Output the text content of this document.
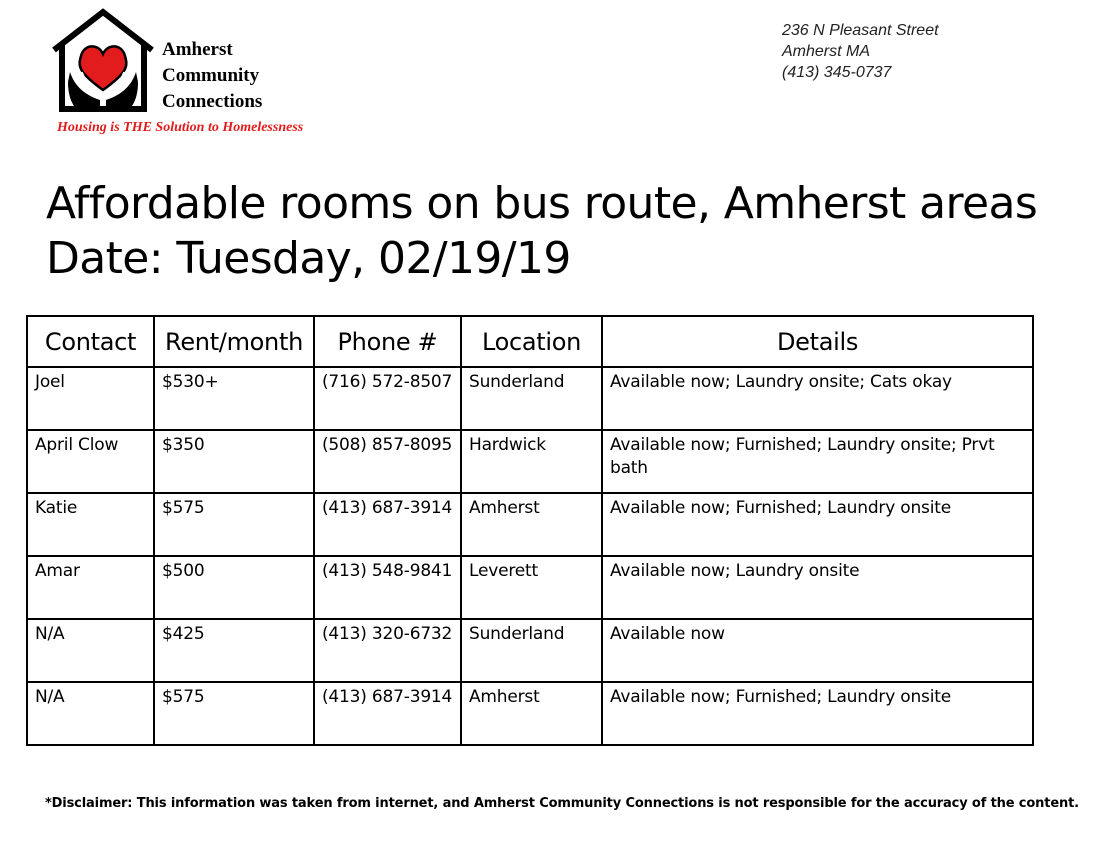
Amherst
Community
Connections
Housing is THE Solution to Homelessness
236 N Pleasant Street
Amherst MA
(413) 345-0737
Affordable rooms on bus route, Amherst areas
Date: Tuesday, 02/19/19
Contact	Rent/month	Phone #	Location	Details
Joel	$530+	(716) 572-8507	Sunderland	Available now; Laundry onsite; Cats okay
April Clow	$350	(508) 857-8095	Hardwick	Available now; Furnished; Laundry onsite; Prvt bath
Katie	$575	(413) 687-3914	Amherst	Available now; Furnished; Laundry onsite
Amar	$500	(413) 548-9841	Leverett	Available now; Laundry onsite
N/A	$425	(413) 320-6732	Sunderland	Available now
N/A	$575	(413) 687-3914	Amherst	Available now; Furnished; Laundry onsite
*Disclaimer: This information was taken from internet, and Amherst Community Connections is not responsible for the accuracy of the content.
